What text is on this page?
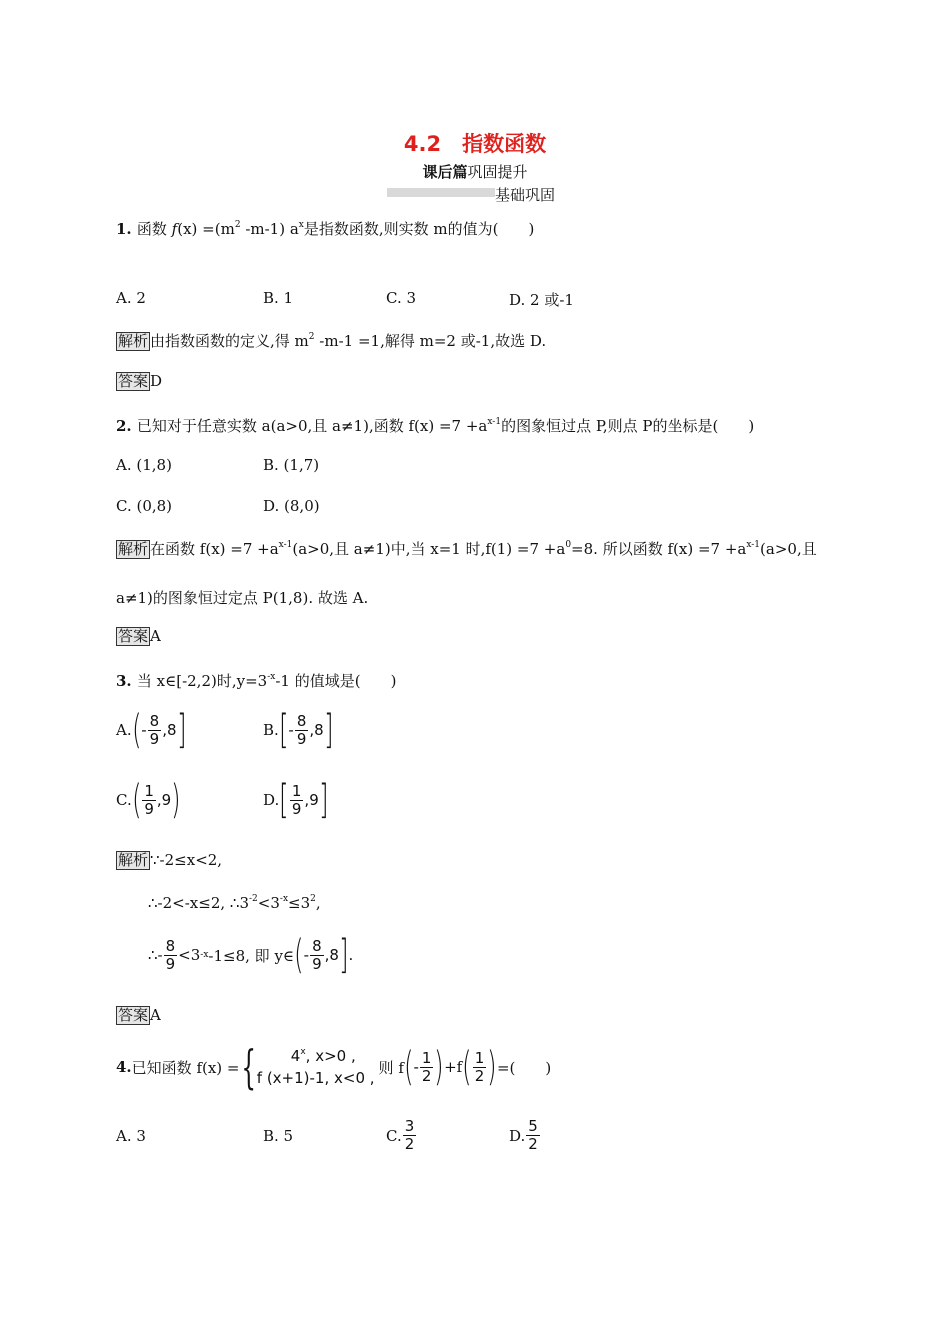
4.2　指数函数
课后篇巩固提升
基础巩固
1. 函数 $f(x) =(m^2$ -m-1) $a^x$是指数函数,则实数 m的值为(　　)
A. 2	B. 1	C. 3	D. 2 或-1
解析 由指数函数的定义,得 $m^2$ -m-1 =1,解得 m=2 或-1,故选 D.
答案 D
2. 已知对于任意实数 a(a>0,且 a≠1),函数 $f(x) =7 +a^{x-1}$的图象恒过点 P,则点 P的坐标是(　　)
A. (1,8)	B. (1,7)
C. (0,8)	D. (8,0)
解析 在函数 $f(x) =7 +a^{x-1}(a>0$,且 a≠1)中,当 x=1 时$,f(1) =7 +a^0=8$. 所以函数 $f(x) =7 +a^{x-1}(a>0$,且
a≠1)的图象恒过定点 P(1,8). 故选 A.
答案 A
3. 当 x∈[-2,2)时$,y=3^{-x}-1$ 的值域是(　　)
A. ( - $\frac{8}{9} ,8$ ]	B. [ - $\frac{8}{9} ,8$ ]
C. ( $\frac{1}{9} ,9$ )	D. [ $\frac{1}{9} ,9$ ]
解析 ∵-2≤x<2,
∴-2<-x≤2, $\therefore 3^{-2}<3^{-x}\le 3^2$,
∴- $\frac{8}{9} <3$ -x -1≤8, 即 y∈ ( - $\frac{8}{9} ,8$ ] .
答案 A
4. 已知函数 f(x) = {	4$^x$, x>0 ,
f (x+1)-1, x<0 ,
则 f ( - $\frac{1}{2}$ ) +f ( $\frac{1}{2}$ ) =(　　)
A. 3	B. 5	C. $\frac{3}{2}$	D. $\frac{5}{2}$
